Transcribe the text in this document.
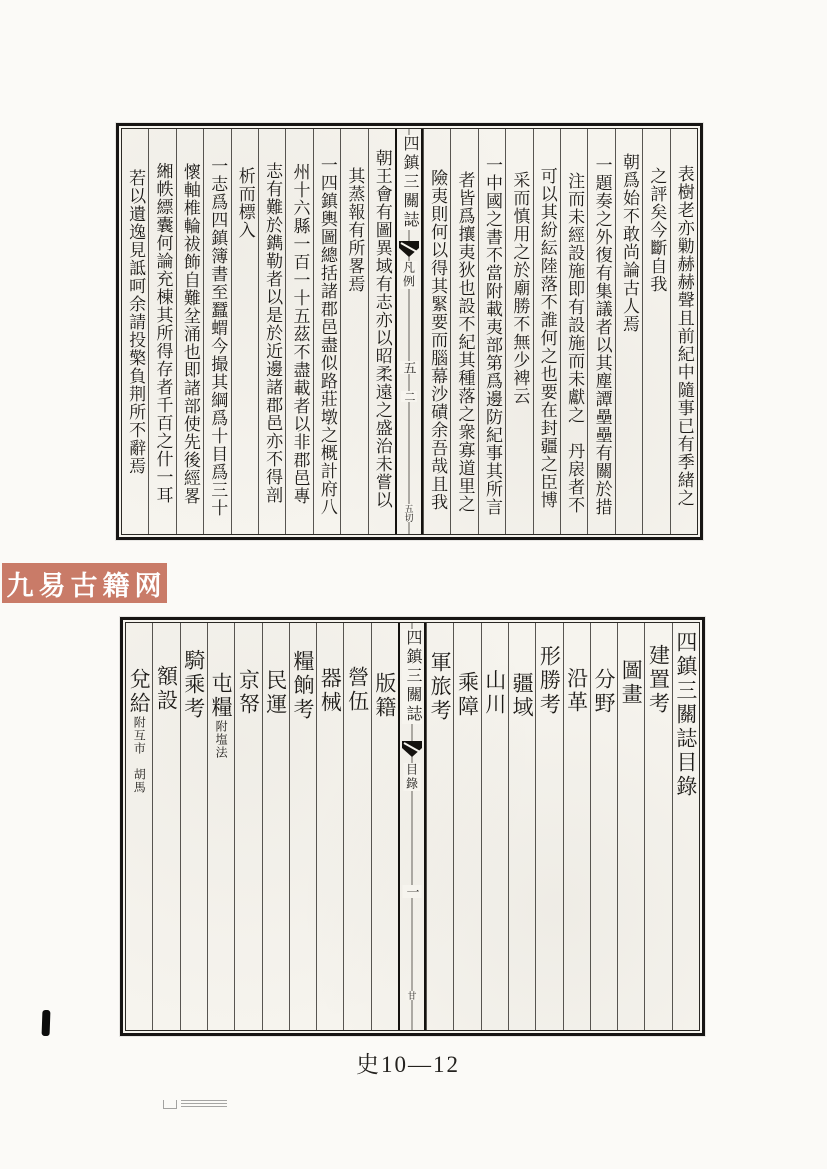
表樹老亦勦赫赫聲且前紀中隨事已有季緒之
之評矣今斷自我
朝爲始不敢尚論古人焉
一題奏之外復有集議者以其塵譚壘壘有關於措
注而未經設施即有設施而未獻之　丹扆者不
可以其紛紜陸落不誰何之也要在封疆之臣博
采而慎用之於廟勝不無少裨云
一中國之書不當附載夷部第爲邊防紀事其所言
者皆爲攘夷狄也設不紀其種落之衆寡道里之
險夷則何以得其緊要而腦幕沙磧余吾哉且我
四鎮三關誌
凡例
五
二
五切
朝王會有圖異域有志亦以昭柔遠之盛治未嘗以
其蒸報有所畧焉
一四鎮輿圖總括諸郡邑盡似路莊墩之概計府八
州十六縣一百一十五茲不盡載者以非郡邑專
志有難於鐫勒者以是於近邊諸郡邑亦不得剖
析而標入
一志爲四鎮簿書至蠶蝟今撮其綱爲十目爲三十
懷軸椎輪祓飾自難坌涌也即諸部使先後經畧
緗帙縹囊何論充棟其所得存者千百之什一耳
若以遺逸見詆呵余請投檠負荆所不辭焉
九易古籍网
四鎮三關誌目錄
建置考
圖畫
分野
沿革
形勝考
疆域
山川
乘障
軍旅考
四鎮三關誌
目錄
一
甘
版籍
營伍
器械
糧餉考
民運
京帑
屯糧附塩法
騎乘考
額設
兌給附互市　胡馬
史10—12
